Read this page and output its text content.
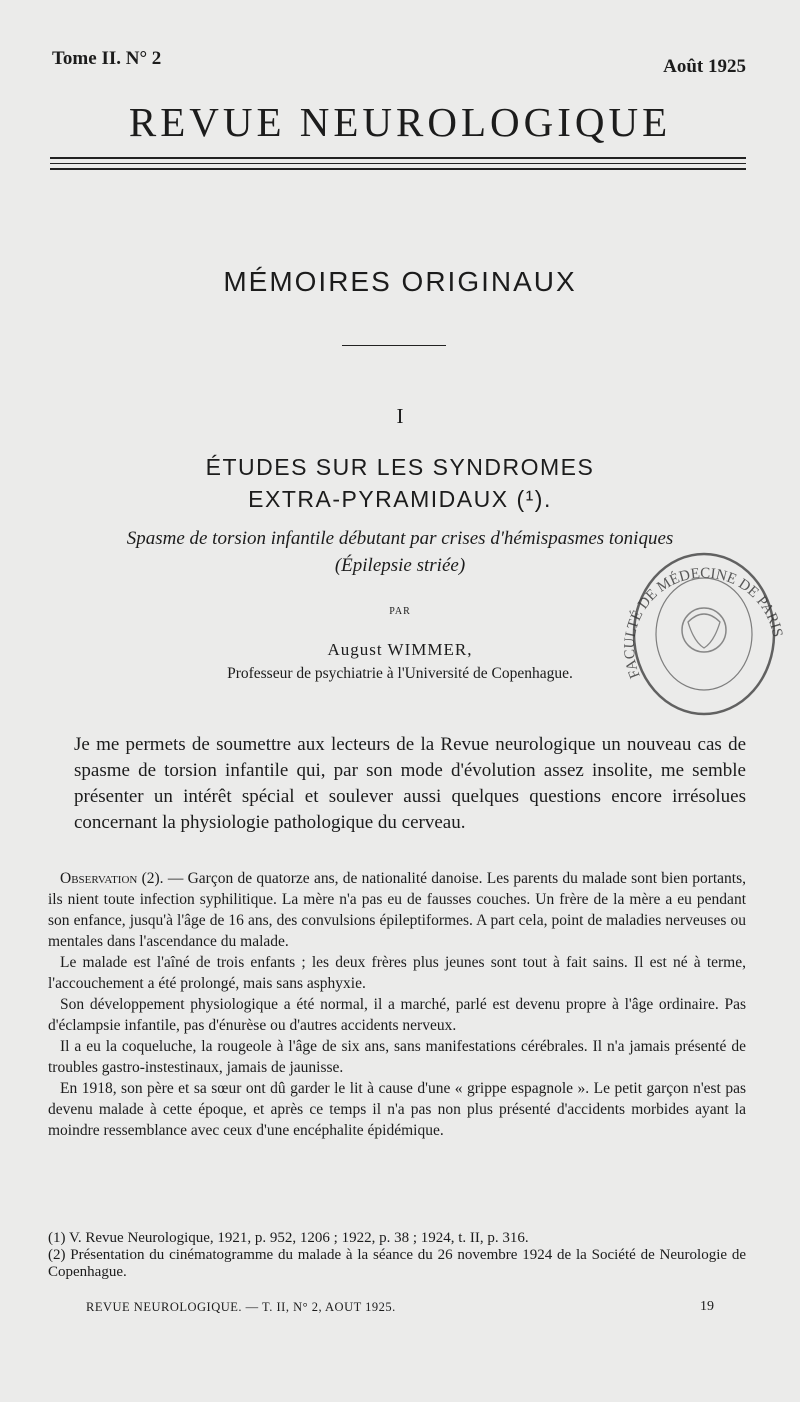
Tome II. N° 2	Août 1925
REVUE NEUROLOGIQUE
MÉMOIRES ORIGINAUX
I
ÉTUDES SUR LES SYNDROMES
EXTRA-PYRAMIDAUX (¹).
Spasme de torsion infantile débutant par crises d'hémispasmes toniques
(Épilepsie striée)
PAR
August WIMMER,
Professeur de psychiatrie à l'Université de Copenhague.	FACULTÉ DE MÉDECINE DE PARIS
Je me permets de soumettre aux lecteurs de la Revue neurologique un nouveau cas de spasme de torsion infantile qui, par son mode d'évolution assez insolite, me semble présenter un intérêt spécial et soulever aussi quelques questions encore irrésolues concernant la physiologie pathologique du cerveau.

Observation (2). — Garçon de quatorze ans, de nationalité danoise. Les parents du malade sont bien portants, ils nient toute infection syphilitique. La mère n'a pas eu de fausses couches. Un frère de la mère a eu pendant son enfance, jusqu'à l'âge de 16 ans, des convulsions épileptiformes. A part cela, point de maladies nerveuses ou mentales dans l'ascendance du malade.

Le malade est l'aîné de trois enfants ; les deux frères plus jeunes sont tout à fait sains. Il est né à terme, l'accouchement a été prolongé, mais sans asphyxie.

Son développement physiologique a été normal, il a marché, parlé est devenu propre à l'âge ordinaire. Pas d'éclampsie infantile, pas d'énurèse ou d'autres accidents nerveux.

Il a eu la coqueluche, la rougeole à l'âge de six ans, sans manifestations cérébrales. Il n'a jamais présenté de troubles gastro-instestinaux, jamais de jaunisse.

En 1918, son père et sa sœur ont dû garder le lit à cause d'une « grippe espagnole ». Le petit garçon n'est pas devenu malade à cette époque, et après ce temps il n'a pas non plus présenté d'accidents morbides ayant la moindre ressemblance avec ceux d'une encéphalite épidémique.

(1) V. Revue Neurologique, 1921, p. 952, 1206 ; 1922, p. 38 ; 1924, t. II, p. 316.

(2) Présentation du cinématogramme du malade à la séance du 26 novembre 1924 de la Société de Neurologie de Copenhague.

REVUE NEUROLOGIQUE. — T. II, N° 2, AOUT 1925.	19
